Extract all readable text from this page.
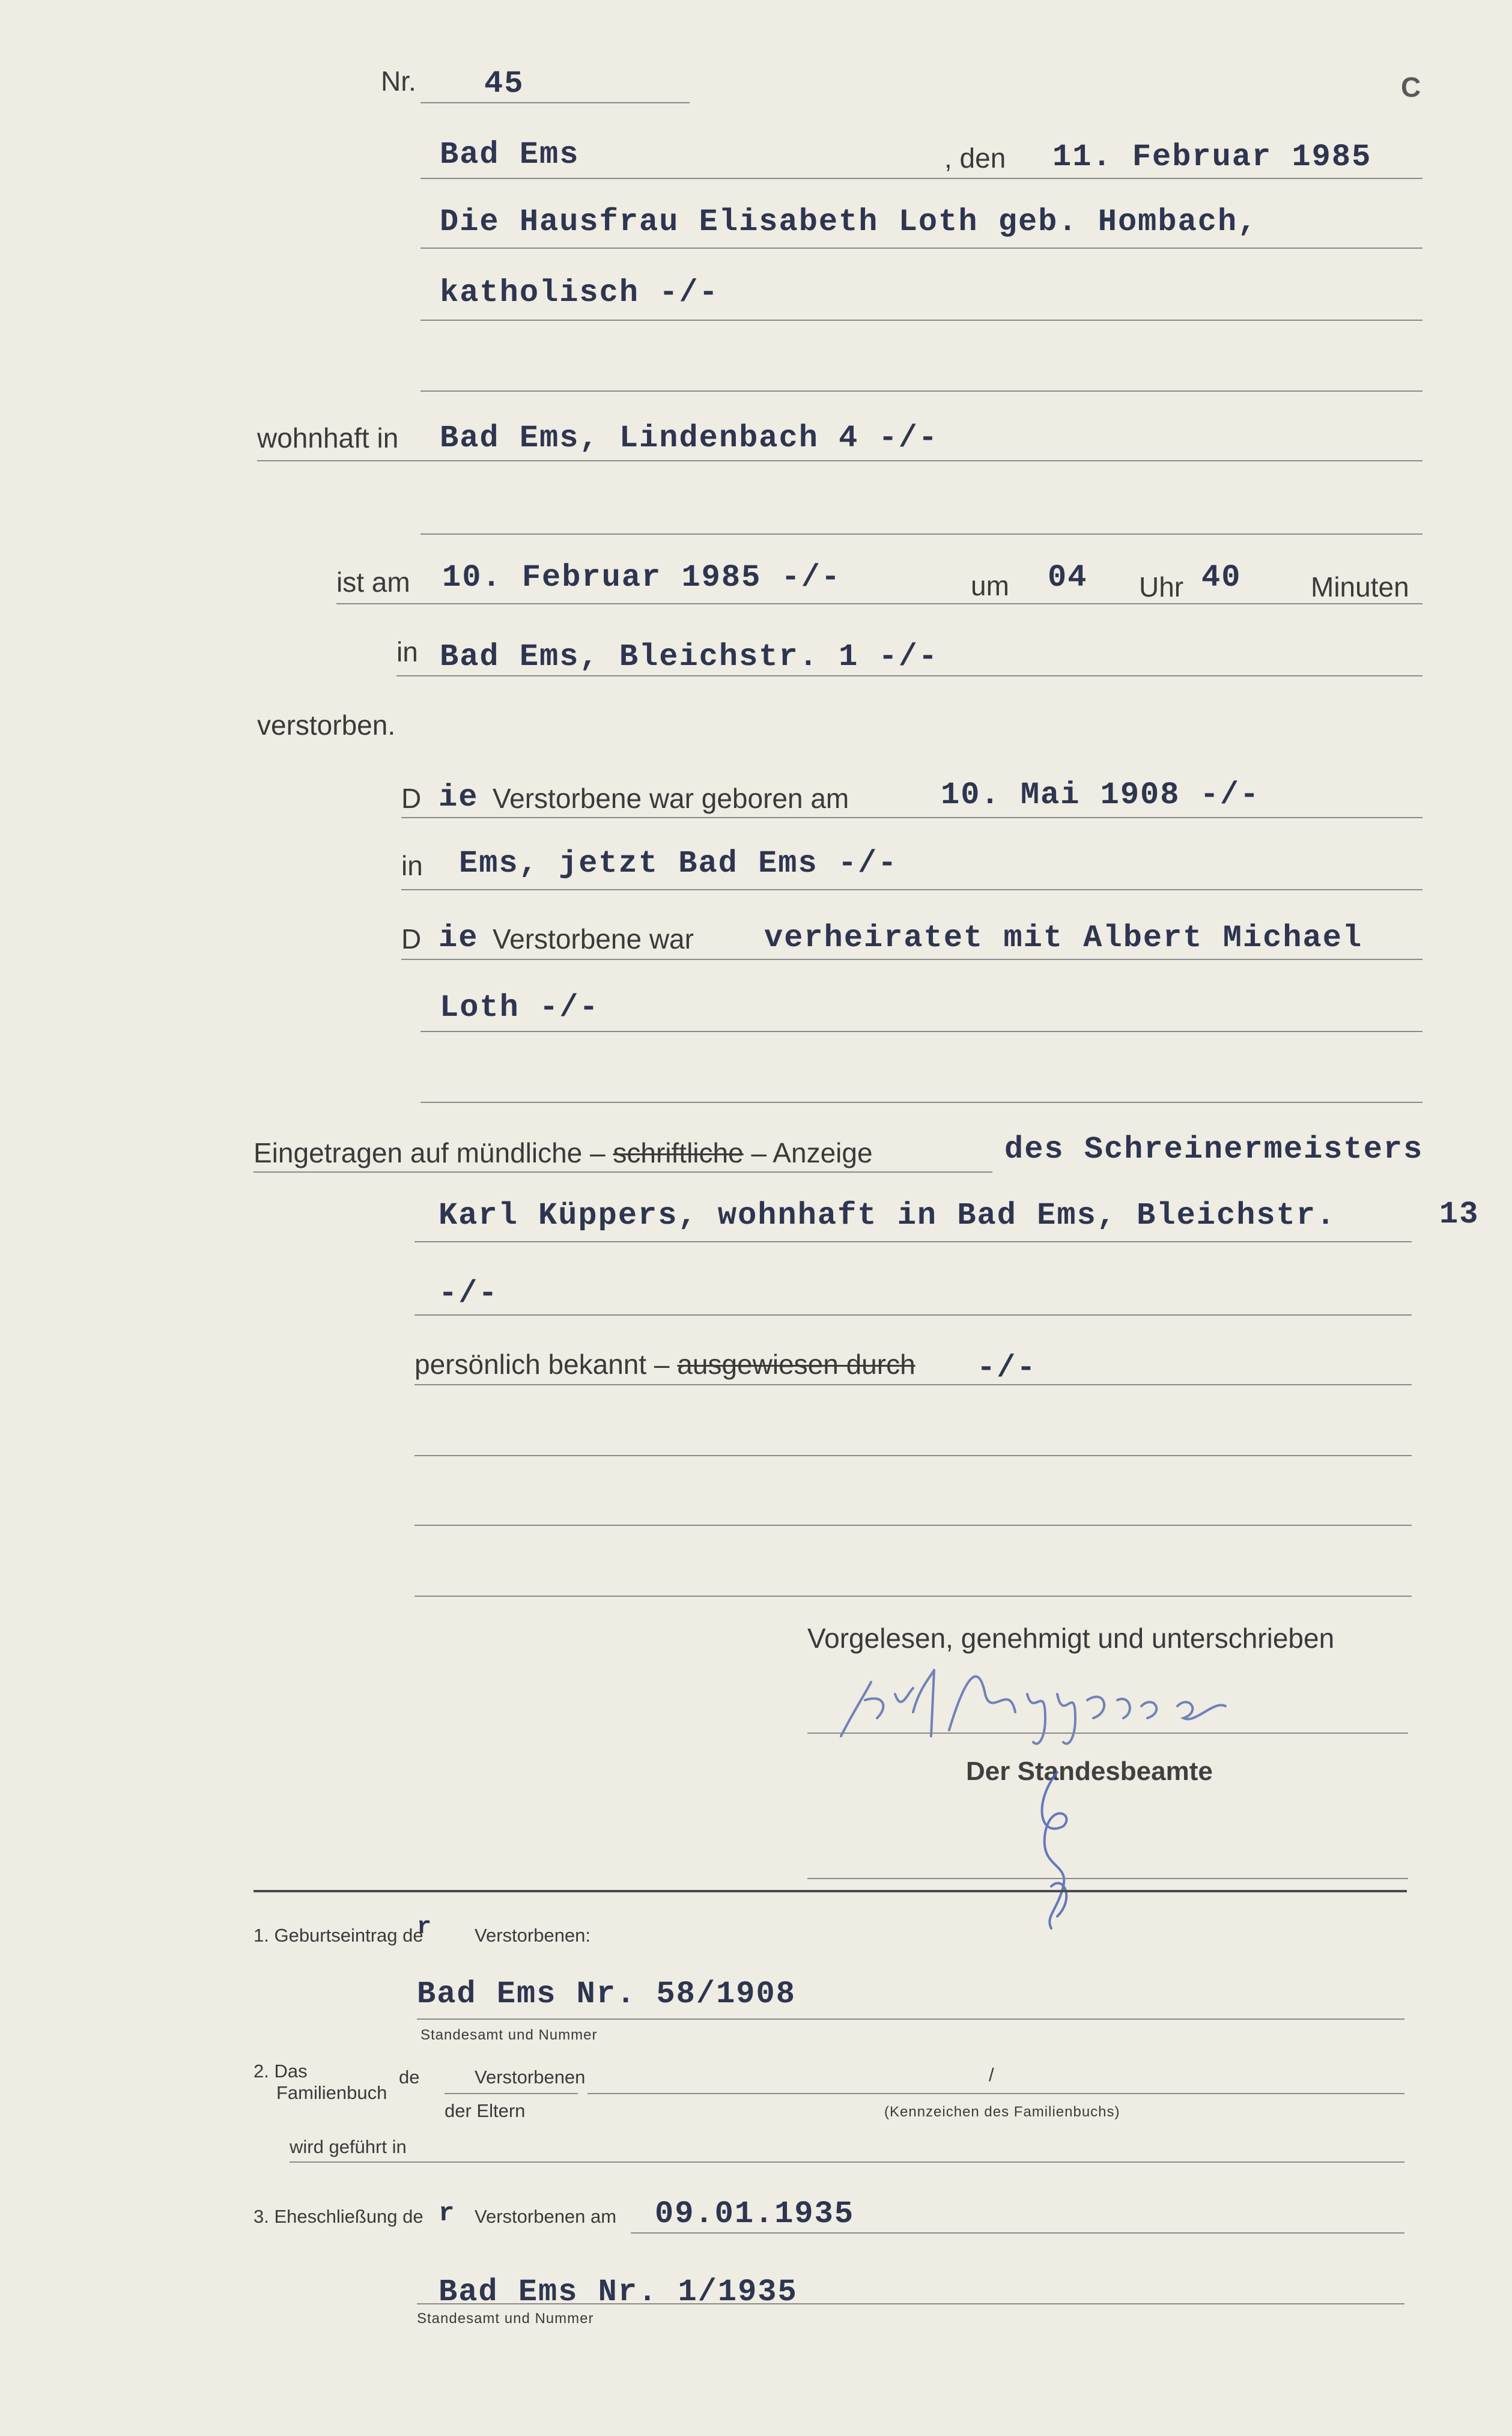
Nr. 45	C
Bad Ems	, den 11. Februar 1985
Die Hausfrau Elisabeth Loth geb. Hombach,
katholisch -/-
wohnhaft in Bad Ems, Lindenbach 4 -/-
ist am 10. Februar 1985 -/-	um 04 Uhr 40	Minuten
in Bad Ems, Bleichstr. 1 -/-
verstorben.
D ie Verstorbene war geboren am	10. Mai 1908 -/-
in Ems, jetzt Bad Ems -/-
D ie Verstorbene war verheiratet mit Albert Michael
Loth -/-
Eingetragen auf mündliche – schriftliche – Anzeige	des Schreinermeisters
Karl Küppers, wohnhaft in Bad Ems, Bleichstr.	13
-/-
persönlich bekannt – ausgewiesen durch -/-
Vorgelesen, genehmigt und unterschrieben
Der Standesbeamte
1. Geburtseintrag de
r Verstorbenen:
Bad Ems Nr. 58/1908
Standesamt und Nummer
2. Das
Familienbuch
de	Verstorbenen
der Eltern
/
(Kennzeichen des Familienbuchs)
wird geführt in
3. Eheschließung de r Verstorbenen am 09.01.1935
Bad Ems Nr. 1/1935
Standesamt und Nummer
